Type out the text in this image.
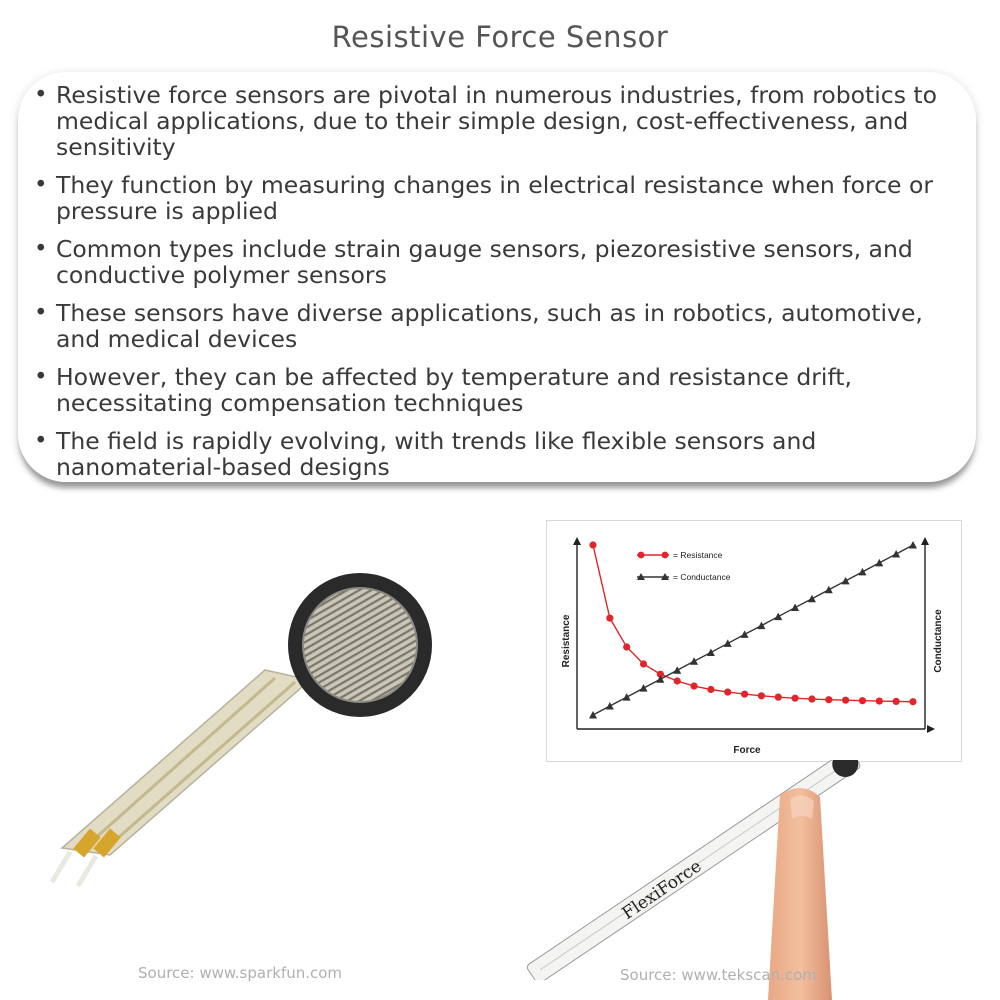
Resistive Force Sensor
• Resistive force sensors are pivotal in numerous industries, from robotics to medical applications, due to their simple design, cost-effectiveness, and sensitivity
• They function by measuring changes in electrical resistance when force or pressure is applied
• Common types include strain gauge sensors, piezoresistive sensors, and conductive polymer sensors
• These sensors have diverse applications, such as in robotics, automotive, and medical devices
• However, they can be affected by temperature and resistance drift, necessitating compensation techniques
• The field is rapidly evolving, with trends like flexible sensors and nanomaterial-based designs
= Resistance
= Conductance
Force
Resistance	Conductance
FlexiForce
Source: www.sparkfun.com	Source: www.tekscan.com
